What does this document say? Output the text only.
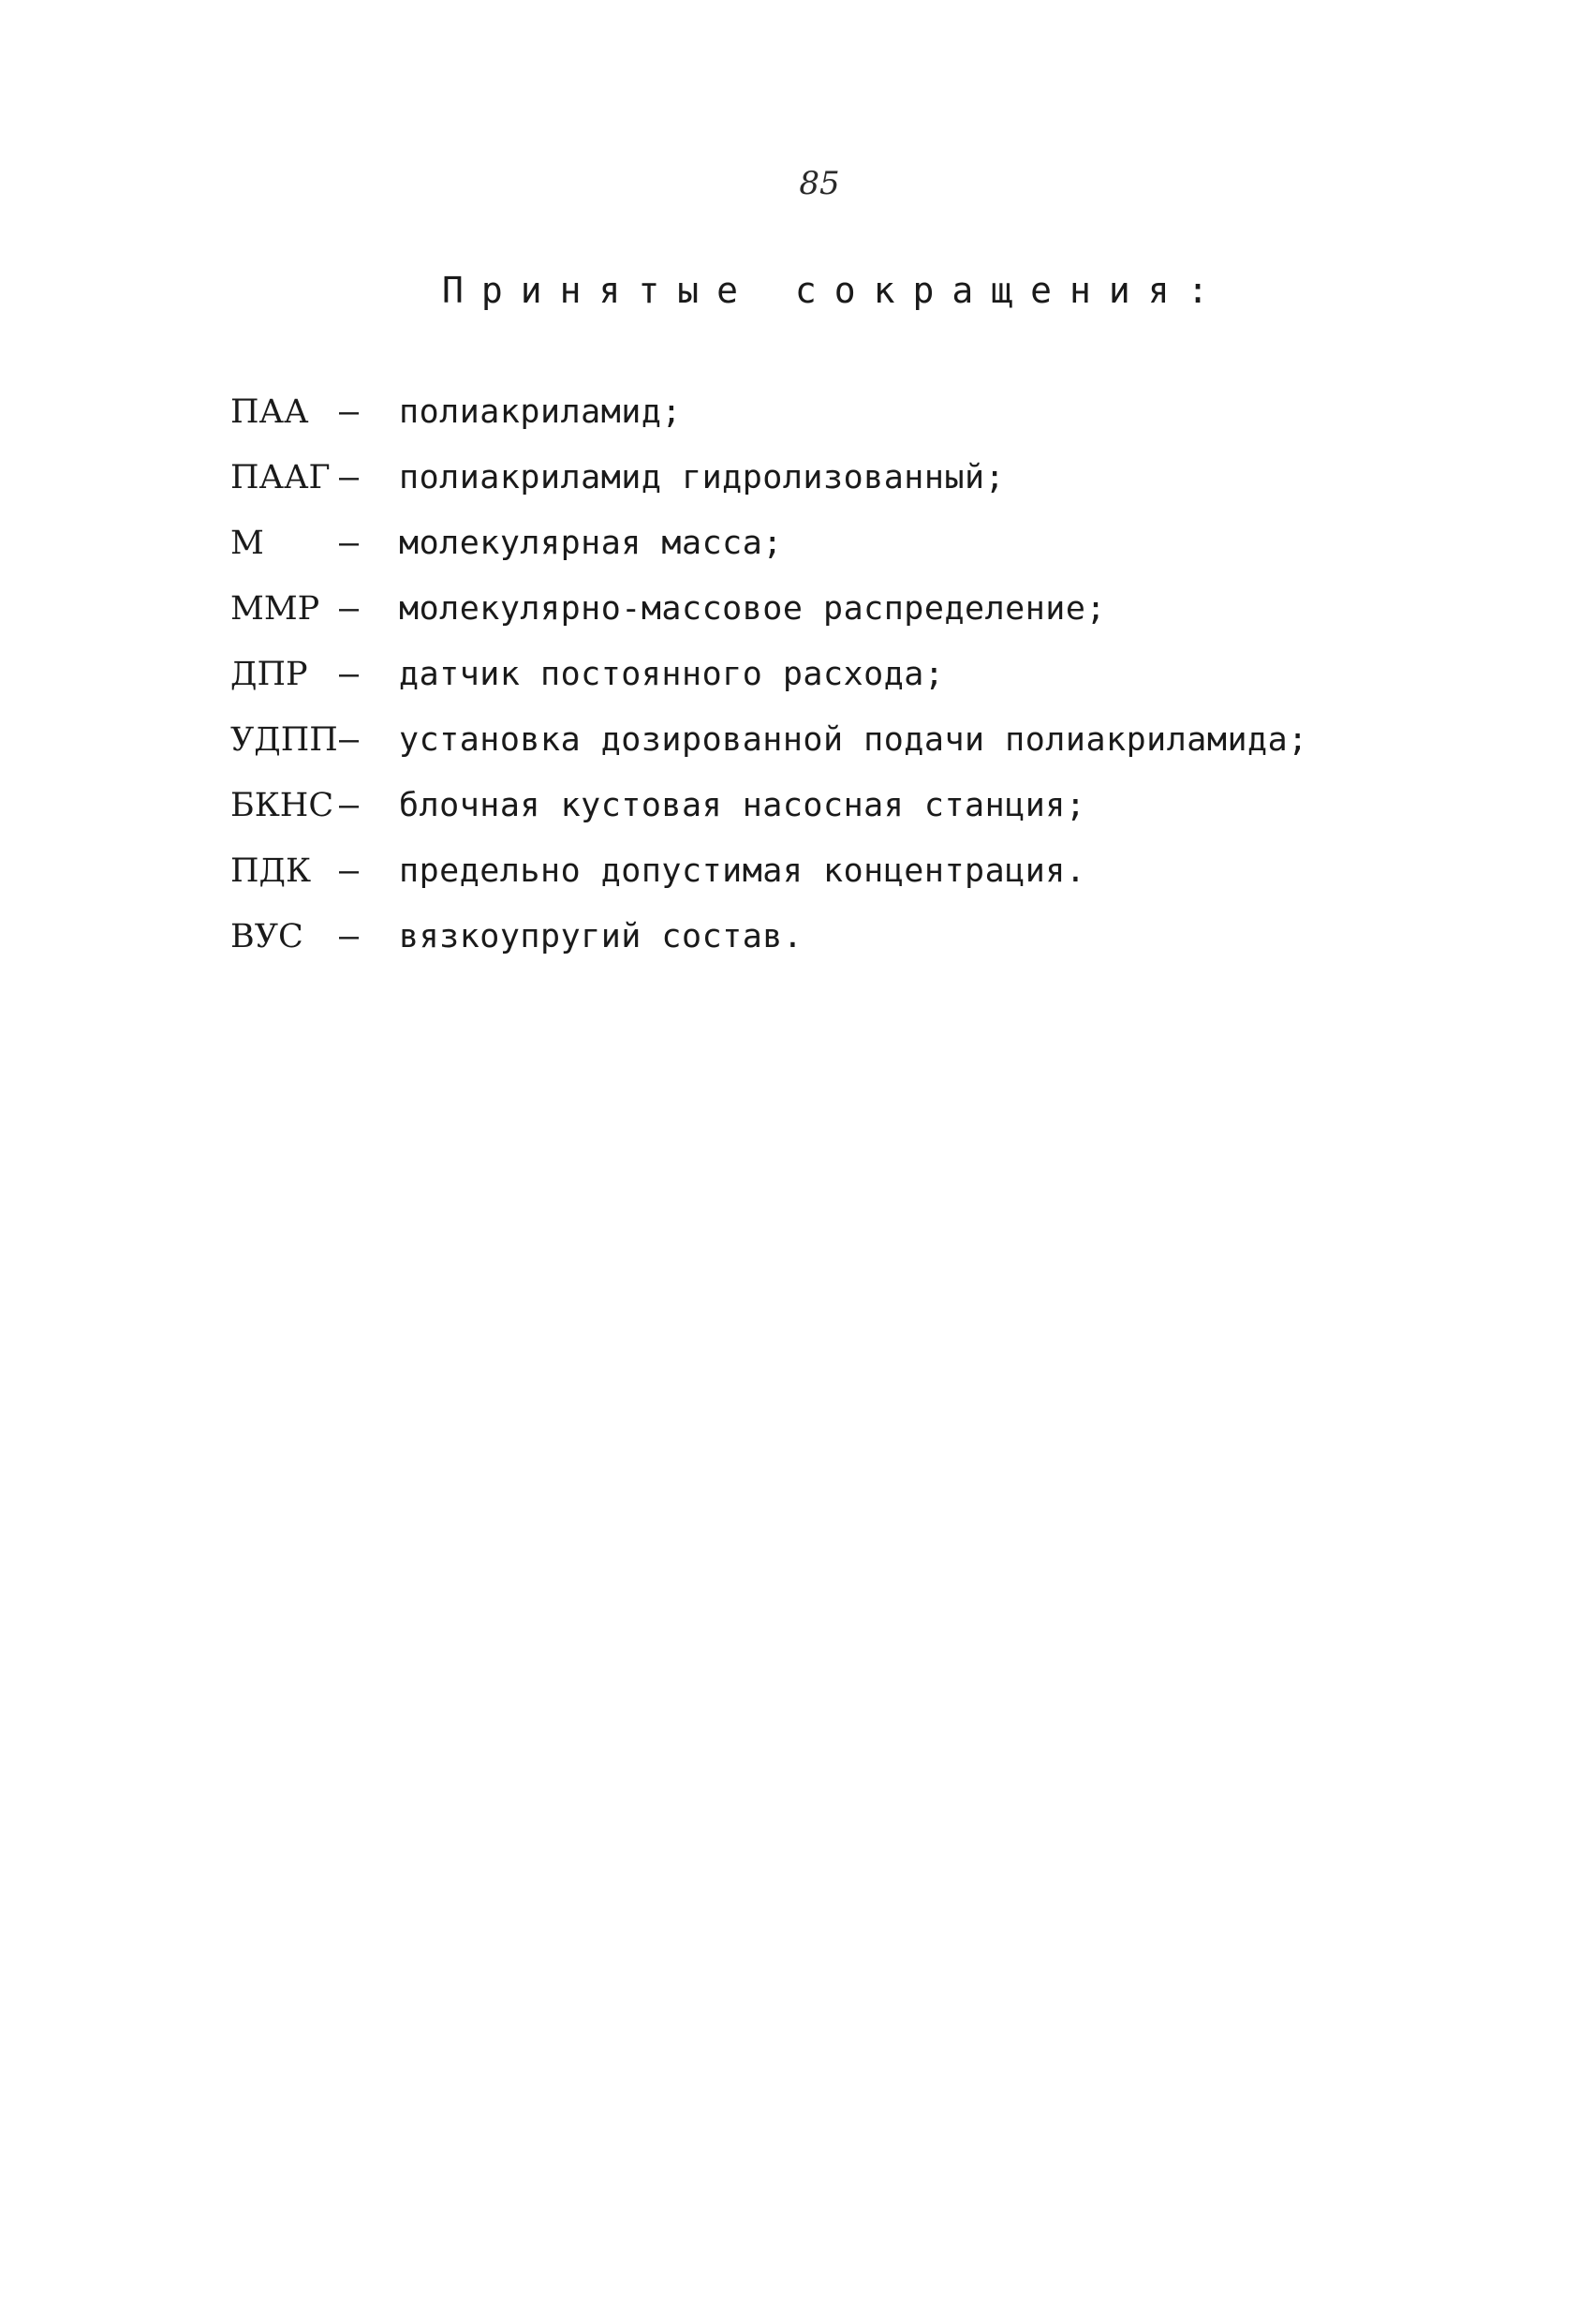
85
Принятые сокращения:
ПАА –	полиакриламид;
ПААГ –	полиакриламид гидролизованный;
М	–	молекулярная масса;
ММР –	молекулярно-массовое распределение;
ДПР –	датчик постоянного расхода;
УДПП –	установка дозированной подачи полиакриламида;
БКНС –	блочная кустовая насосная станция;
ПДК –	предельно допустимая концентрация.
ВУС	–	вязкоупругий состав.
